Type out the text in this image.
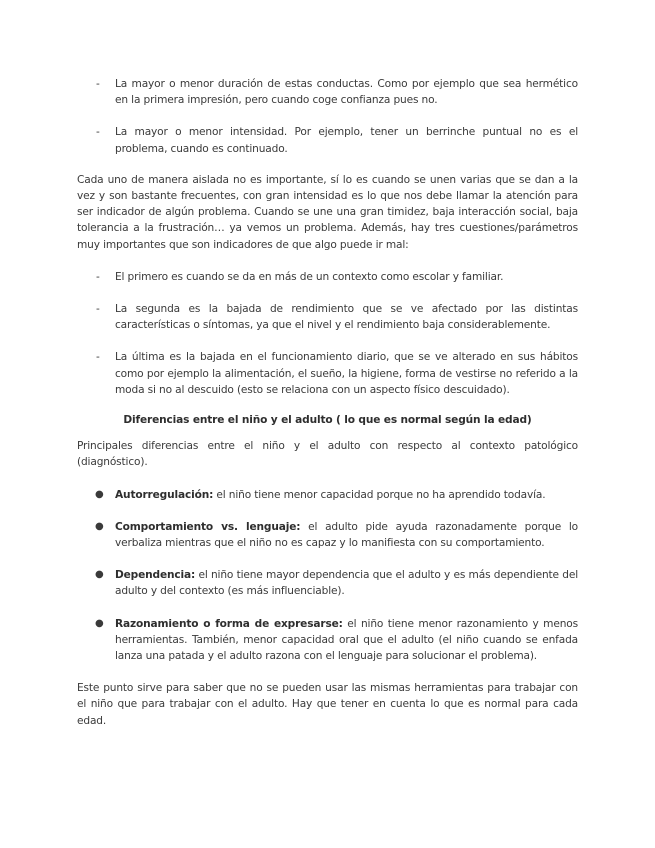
- La mayor o menor duración de estas conductas. Como por ejemplo que sea hermético en la primera impresión, pero cuando coge confianza pues no.
- La mayor o menor intensidad. Por ejemplo, tener un berrinche puntual no es el problema, cuando es continuado.

Cada uno de manera aislada no es importante, sí lo es cuando se unen varias que se dan a la vez y son bastante frecuentes, con gran intensidad es lo que nos debe llamar la atención para ser indicador de algún problema. Cuando se une una gran timidez, baja interacción social, baja tolerancia a la frustración… ya vemos un problema. Además, hay tres cuestiones/parámetros muy importantes que son indicadores de que algo puede ir mal:

- El primero es cuando se da en más de un contexto como escolar y familiar.
- La segunda es la bajada de rendimiento que se ve afectado por las distintas características o síntomas, ya que el nivel y el rendimiento baja considerablemente.
- La última es la bajada en el funcionamiento diario, que se ve alterado en sus hábitos como por ejemplo la alimentación, el sueño, la higiene, forma de vestirse no referido a la moda si no al descuido (esto se relaciona con un aspecto físico descuidado).

Diferencias entre el niño y el adulto ( lo que es normal según la edad)

Principales diferencias entre el niño y el adulto con respecto al contexto patológico (diagnóstico).

● Autorregulación: el niño tiene menor capacidad porque no ha aprendido todavía.
● Comportamiento vs. lenguaje: el adulto pide ayuda razonadamente porque lo verbaliza mientras que el niño no es capaz y lo manifiesta con su comportamiento.
● Dependencia: el niño tiene mayor dependencia que el adulto y es más dependiente del adulto y del contexto (es más influenciable).
● Razonamiento o forma de expresarse: el niño tiene menor razonamiento y menos herramientas. También, menor capacidad oral que el adulto (el niño cuando se enfada lanza una patada y el adulto razona con el lenguaje para solucionar el problema).

Este punto sirve para saber que no se pueden usar las mismas herramientas para trabajar con el niño que para trabajar con el adulto. Hay que tener en cuenta lo que es normal para cada edad.
